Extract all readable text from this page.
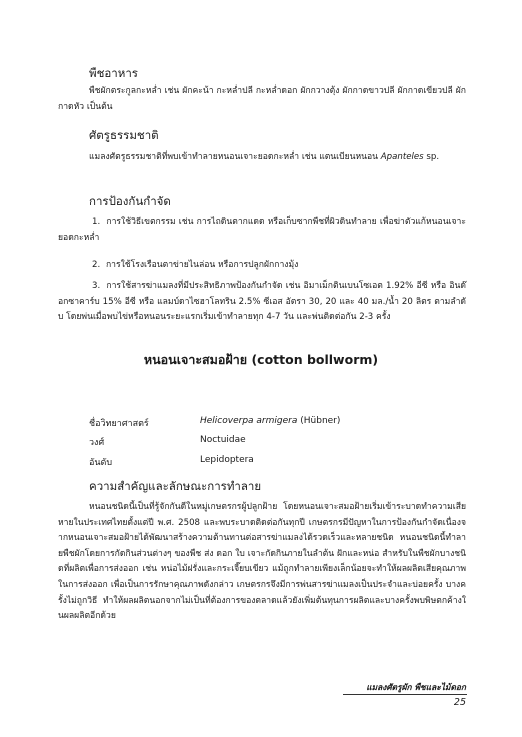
พืชอาหาร

พืชผักตระกูลกะหล่ำ เช่น ผักคะน้า กะหล่ำปลี กะหล่ำดอก ผักกวางตุ้ง ผักกาดขาวปลี ผักกาดเขียวปลี ผักกาดหัว เป็นต้น

ศัตรูธรรมชาติ

แมลงศัตรูธรรมชาติที่พบเข้าทำลายหนอนเจาะยอดกะหล่ำ เช่น แตนเบียนหนอน Apanteles sp.

การป้องกันกำจัด

1. การใช้วิธีเขตกรรม เช่น การไถดินตากแดด หรือเก็บซากพืชที่ผิวดินทำลาย เพื่อฆ่าตัวแก้หนอนเจาะยอดกะหล่ำ

2. การใช้โรงเรือนตาข่ายไนล่อน หรือการปลูกผักกางมุ้ง

3. การใช้สารฆ่าแมลงที่มีประสิทธิภาพป้องกันกำจัด เช่น อิมาเม็กตินเบนโซเอต 1.92% อีซี หรือ อินด๊อกซาคาร์บ 15% อีซี หรือ แลมบ์ดาไซฮาโลทริน 2.5% ซีเอส อัตรา 30, 20 และ 40 มล./น้ำ 20 ลิตร ตามลำดับ โดยพ่นเมื่อพบไข่หรือหนอนระยะแรกเริ่มเข้าทำลายทุก 4-7 วัน และพ่นติดต่อกัน 2-3 ครั้ง

หนอนเจาะสมอฝ้าย (cotton bollworm)
ชื่อวิทยาศาสตร์	Helicoverpa armigera (Hübner)
วงศ์	Noctuidae
อันดับ	Lepidoptera
ความสำคัญและลักษณะการทำลาย

หนอนชนิดนี้เป็นที่รู้จักกันดีในหมู่เกษตรกรผู้ปลูกฝ้าย โดยหนอนเจาะสมอฝ้ายเริ่มเข้าระบาดทำความเสียหายในประเทศไทยตั้งแต่ปี พ.ศ. 2508 และพบระบาดติดต่อกันทุกปี เกษตรกรมีปัญหาในการป้องกันกำจัดเนื่องจากหนอนเจาะสมอฝ้ายได้พัฒนาสร้างความต้านทานต่อสารฆ่าแมลงได้รวดเร็วและหลายชนิด หนอนชนิดนี้ทำลายพืชผักโดยการกัดกินส่วนต่างๆ ของพืช ส่ง ดอก ใบ เจาะกัดกินภายในลำต้น ฝักและหน่อ สำหรับในพืชผักบางชนิดที่ผลิตเพื่อการส่งออก เช่น หน่อไม้ฝรั่งและกระเจี๊ยบเขียว แม้ถูกทำลายเพียงเล็กน้อยจะทำให้ผลผลิตเสียคุณภาพในการส่งออก เพื่อเป็นการรักษาคุณภาพดังกล่าว เกษตรกรจึงมีการพ่นสารฆ่าแมลงเป็นประจำและบ่อยครั้ง บางครั้งไม่ถูกวิธี ทำให้ผลผลิตนอกจากไม่เป็นที่ต้องการของตลาดแล้วยังเพิ่มต้นทุนการผลิตและบางครั้งพบพิษตกค้างในผลผลิตอีกด้วย

แมลงศัตรูผัก พืชและไม้ดอก
25
